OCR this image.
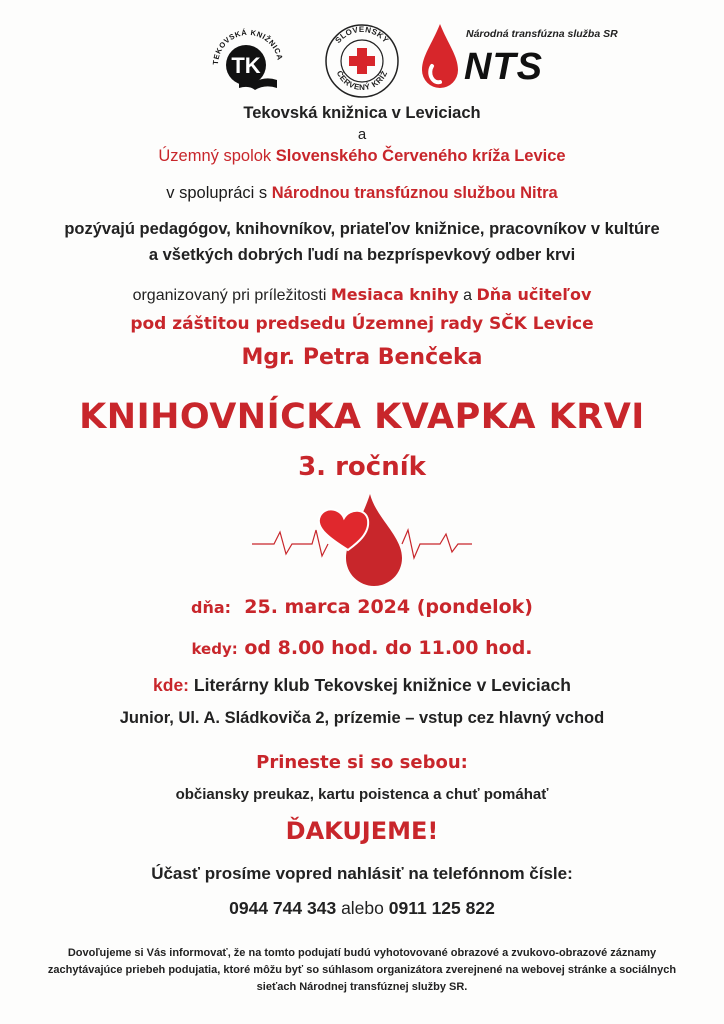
TK
TEKOVSKÁ KNIŽNICA
SLOVENSKÝ
ČERVENÝ KRÍŽ
Národná transfúzna služba SR
NTS
Tekovská knižnica v Leviciach
a
Územný spolok Slovenského Červeného kríža Levice
v spolupráci s Národnou transfúznou službou Nitra
pozývajú pedagógov, knihovníkov, priateľov knižnice, pracovníkov v kultúre
a všetkých dobrých ľudí na bezpríspevkový odber krvi
organizovaný pri príležitosti Mesiaca knihy a Dňa učiteľov
pod záštitou predsedu Územnej rady SČK Levice
Mgr. Petra Benčeka
KNIHOVNÍCKA KVAPKA KRVI
3. ročník
dňa: 25. marca 2024 (pondelok)
kedy: od 8.00 hod. do 11.00 hod.
kde: Literárny klub Tekovskej knižnice v Leviciach
Junior, Ul. A. Sládkoviča 2, prízemie – vstup cez hlavný vchod
Prineste si so sebou:
občiansky preukaz, kartu poistenca a chuť pomáhať
ĎAKUJEME!
Účasť prosíme vopred nahlásiť na telefónnom čísle:
0944 744 343 alebo 0911 125 822
Dovoľujeme si Vás informovať, že na tomto podujatí budú vyhotovované obrazové a zvukovo-obrazové záznamy zachytávajúce priebeh podujatia, ktoré môžu byť so súhlasom organizátora zverejnené na webovej stránke a sociálnych sieťach Národnej transfúznej služby SR.
